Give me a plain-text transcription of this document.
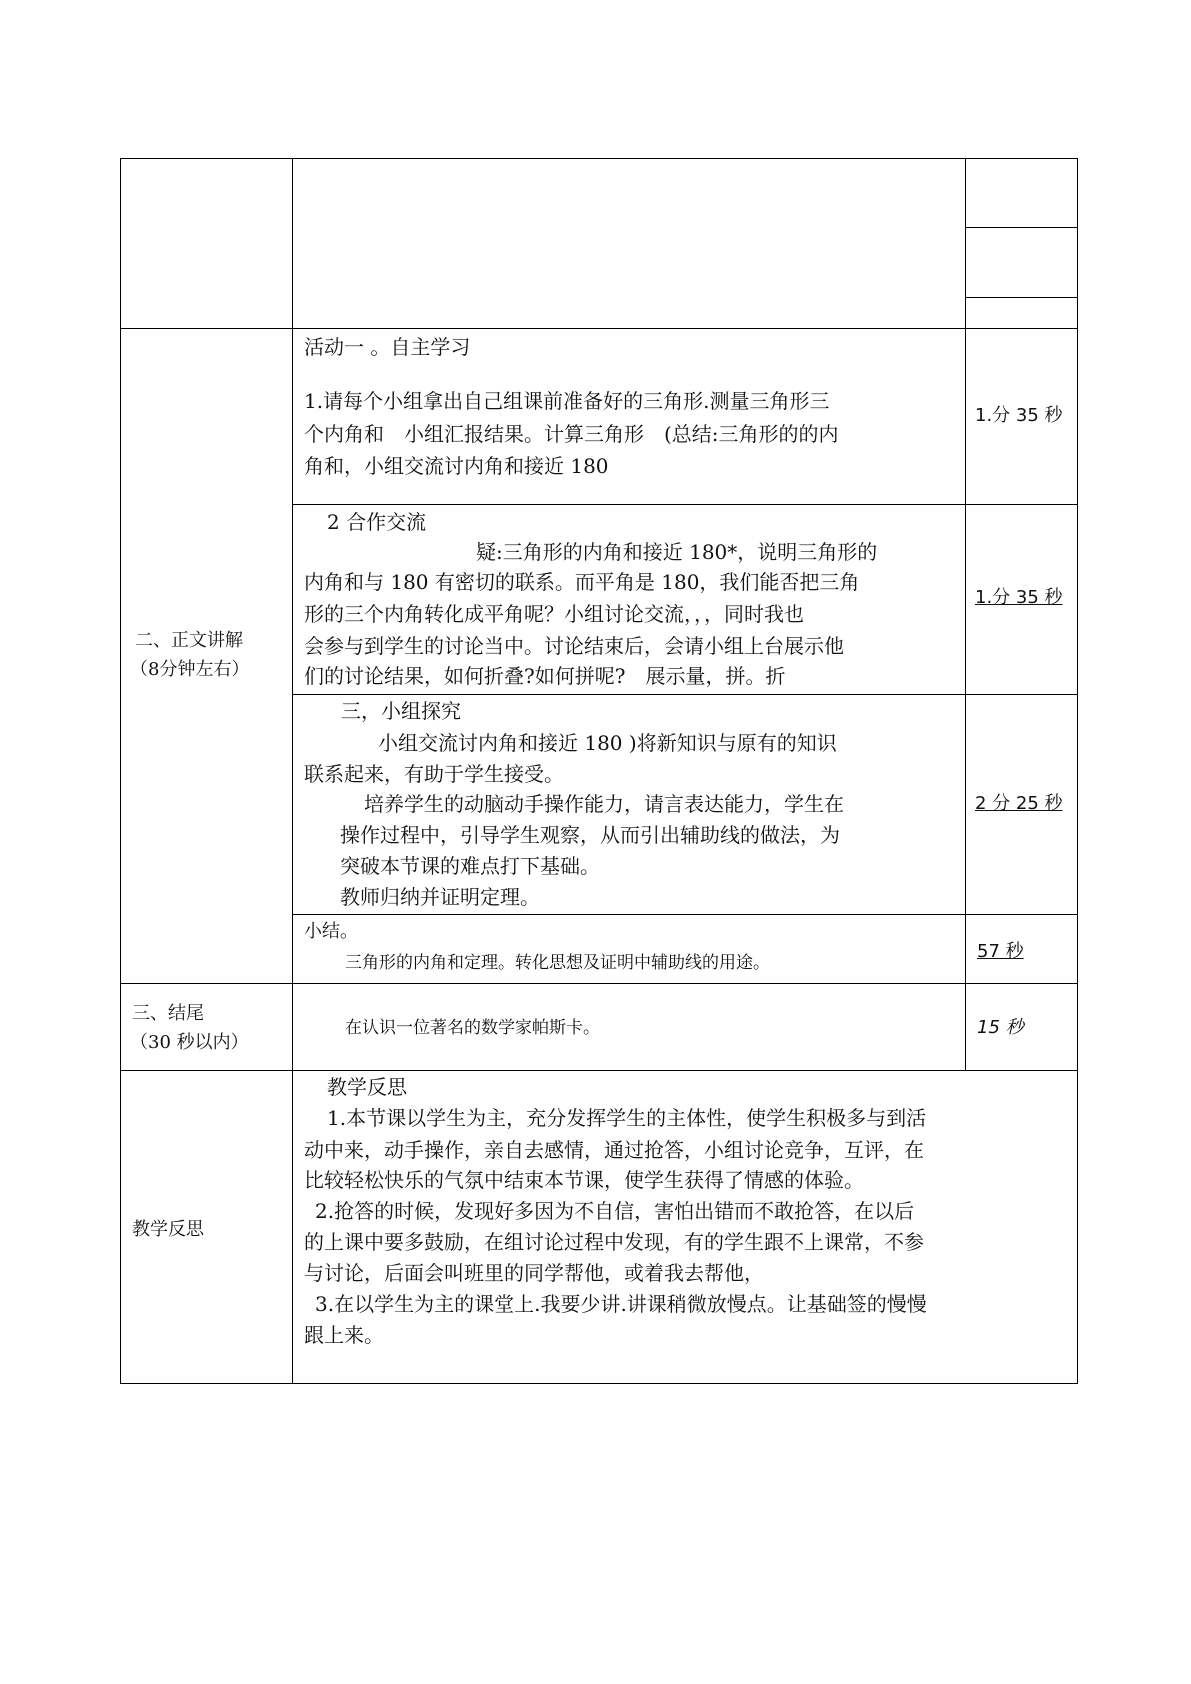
二、正文讲解
（8分钟左右）
活动一 。自主学习
1.请每个小组拿出自己组课前准备好的三角形.测量三角形三
个内角和　小组汇报结果。计算三角形　(总结:三角形的的内
角和，小组交流讨内角和接近 180
1.分 35 秒
2 合作交流
疑:三角形的内角和接近 180*，说明三角形的
内角和与 180 有密切的联系。而平角是 180，我们能否把三角
形的三个内角转化成平角呢？小组讨论交流，，，同时我也
会参与到学生的讨论当中。讨论结束后，会请小组上台展示他
们的讨论结果，如何折叠?如何拼呢?　展示量，拼。折
1.分 35 秒
三，小组探究
小组交流讨内角和接近 180 )将新知识与原有的知识
联系起来，有助于学生接受。
培养学生的动脑动手操作能力，请言表达能力，学生在
操作过程中，引导学生观察，从而引出辅助线的做法，为
突破本节课的难点打下基础。
教师归纳并证明定理。
2 分 25 秒
小结。
三角形的内角和定理。转化思想及证明中辅助线的用途。
57 秒
三、结尾
（30 秒以内）
在认识一位著名的数学家帕斯卡。	15 秒
教学反思
教学反思
1.本节课以学生为主，充分发挥学生的主体性，使学生积极多与到活
动中来，动手操作，亲自去感情，通过抢答，小组讨论竞争，互评，在
比较轻松快乐的气氛中结束本节课，使学生获得了情感的体验。
2.抢答的时候，发现好多因为不自信，害怕出错而不敢抢答，在以后
的上课中要多鼓励，在组讨论过程中发现，有的学生跟不上课常，不参
与讨论，后面会叫班里的同学帮他，或着我去帮他，
3.在以学生为主的课堂上.我要少讲.讲课稍微放慢点。让基础签的慢慢
跟上来。
